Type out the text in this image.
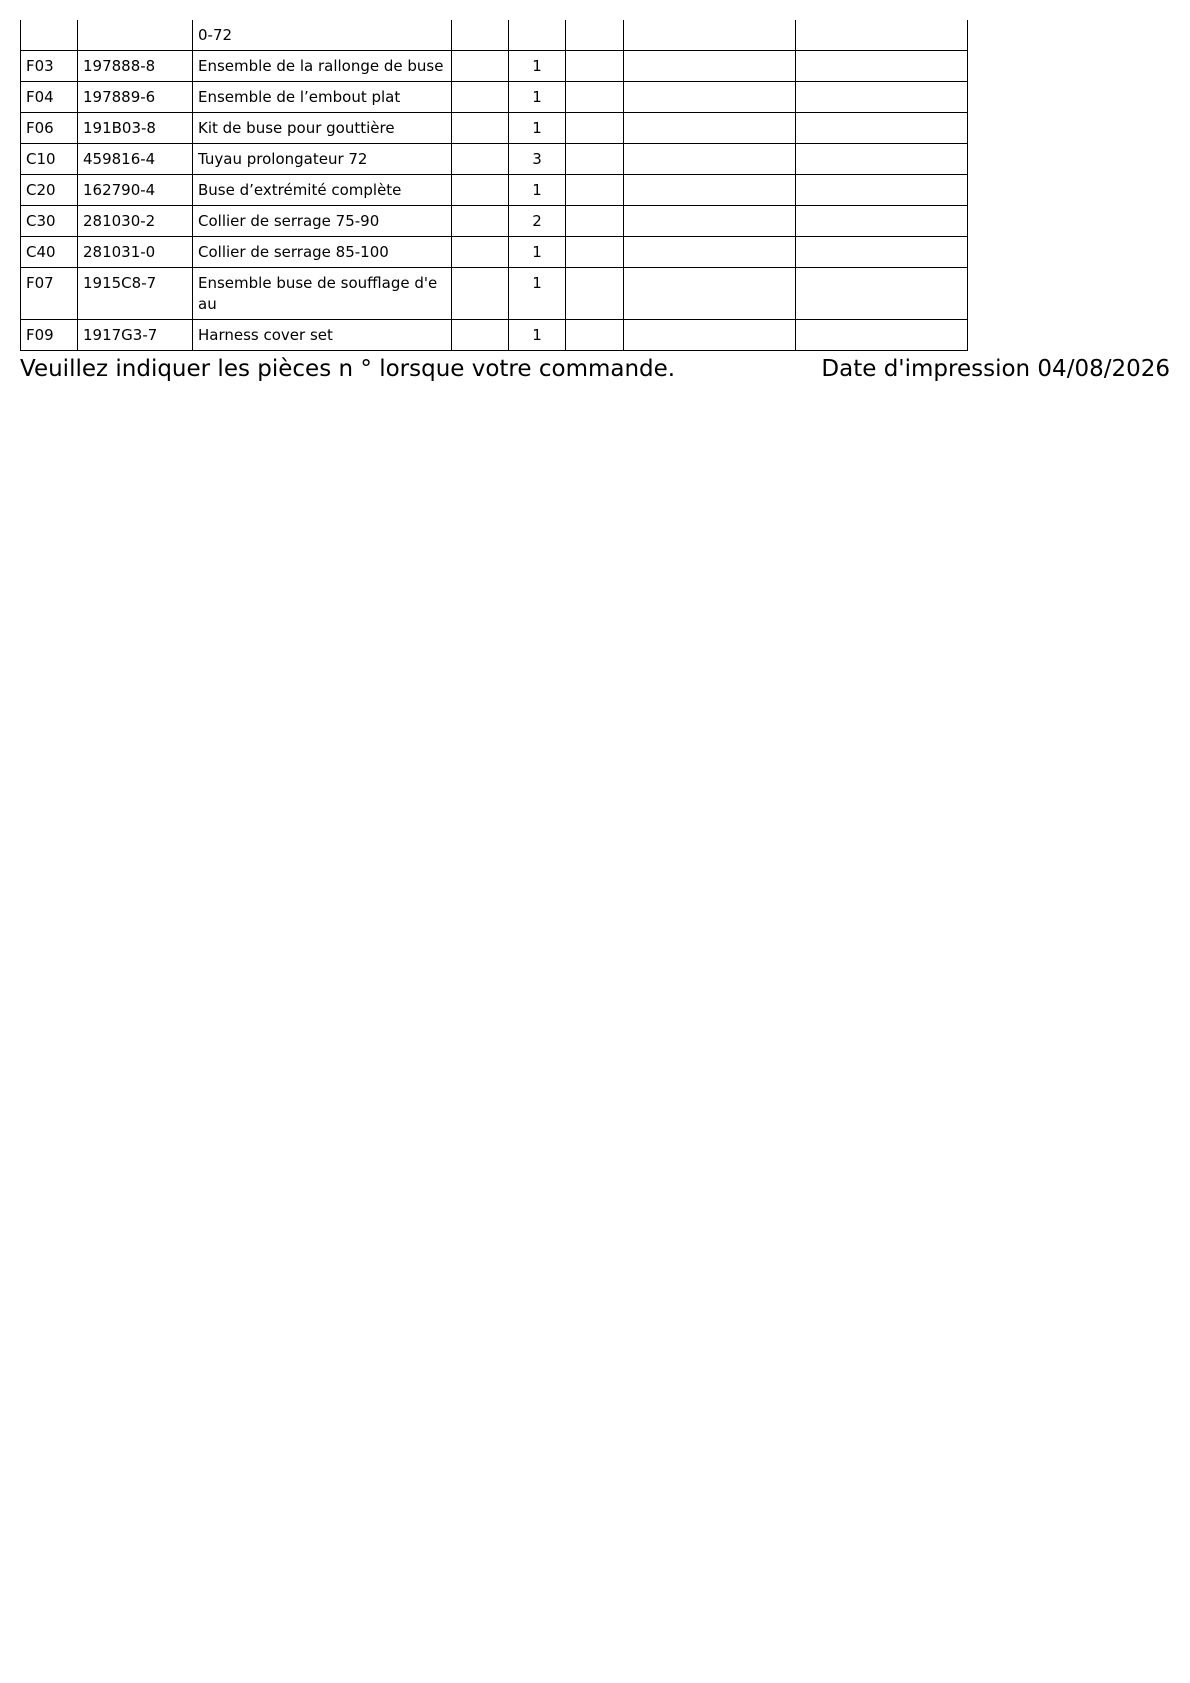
		0-72					
F03	197888-8	Ensemble de la rallonge de buse		1			
F04	197889-6	Ensemble de l’embout plat		1			
F06	191B03-8	Kit de buse pour gouttière		1			
C10	459816-4	Tuyau prolongateur 72		3			
C20	162790-4	Buse d’extrémité complète		1			
C30	281030-2	Collier de serrage 75-90		2			
C40	281031-0	Collier de serrage 85-100		1			
F07	1915C8-7	Ensemble buse de soufflage d'eau		1			
F09	1917G3-7	Harness cover set		1			
Veuillez indiquer les pièces n ° lorsque votre commande.	Date d'impression 04/08/2026
